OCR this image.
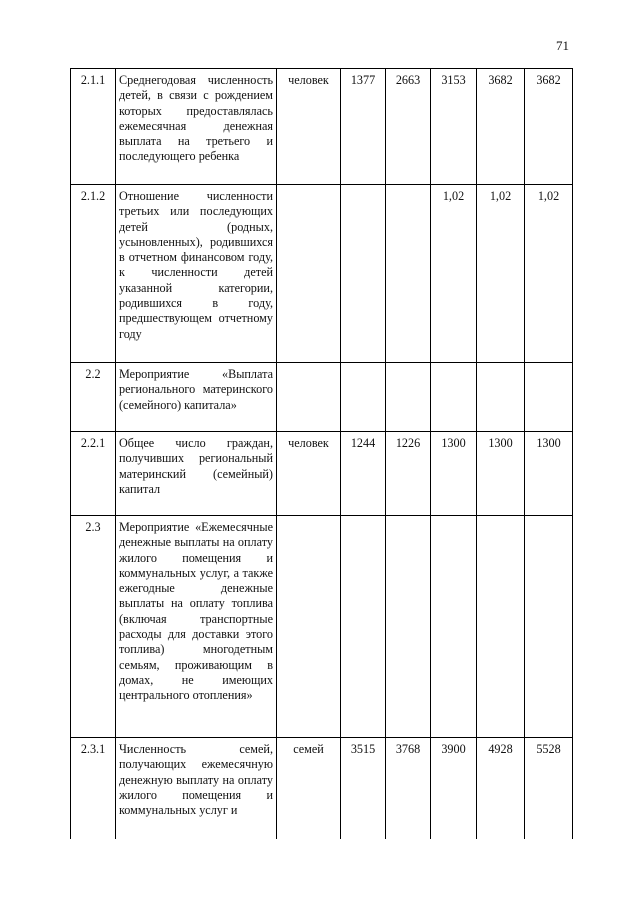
71
2.1.1	Среднегодовая численность детей, в связи с рождением которых предоставлялась ежемесячная денежная выплата на третьего и последующего ребенка	человек	1377	2663	3153	3682	3682
2.1.2	Отношение численности третьих или последующих детей (родных, усыновленных), родившихся в отчетном финансовом году, к численности детей указанной категории, родившихся в году, предшествующем отчетному году				1,02	1,02	1,02
2.2	Мероприятие «Выплата регионального материнского (семейного) капитала»						
2.2.1	Общее число граждан, получивших региональный материнский (семейный) капитал	человек	1244	1226	1300	1300	1300
2.3	Мероприятие «Ежемесячные денежные выплаты на оплату жилого помещения и коммунальных услуг, а также ежегодные денежные выплаты на оплату топлива (включая транспортные расходы для доставки этого топлива) многодетным семьям, проживающим в домах, не имеющих центрального отопления»						
2.3.1	Численность семей, получающих ежемесячную денежную выплату на оплату жилого помещения и коммунальных услуг и	семей	3515	3768	3900	4928	5528
